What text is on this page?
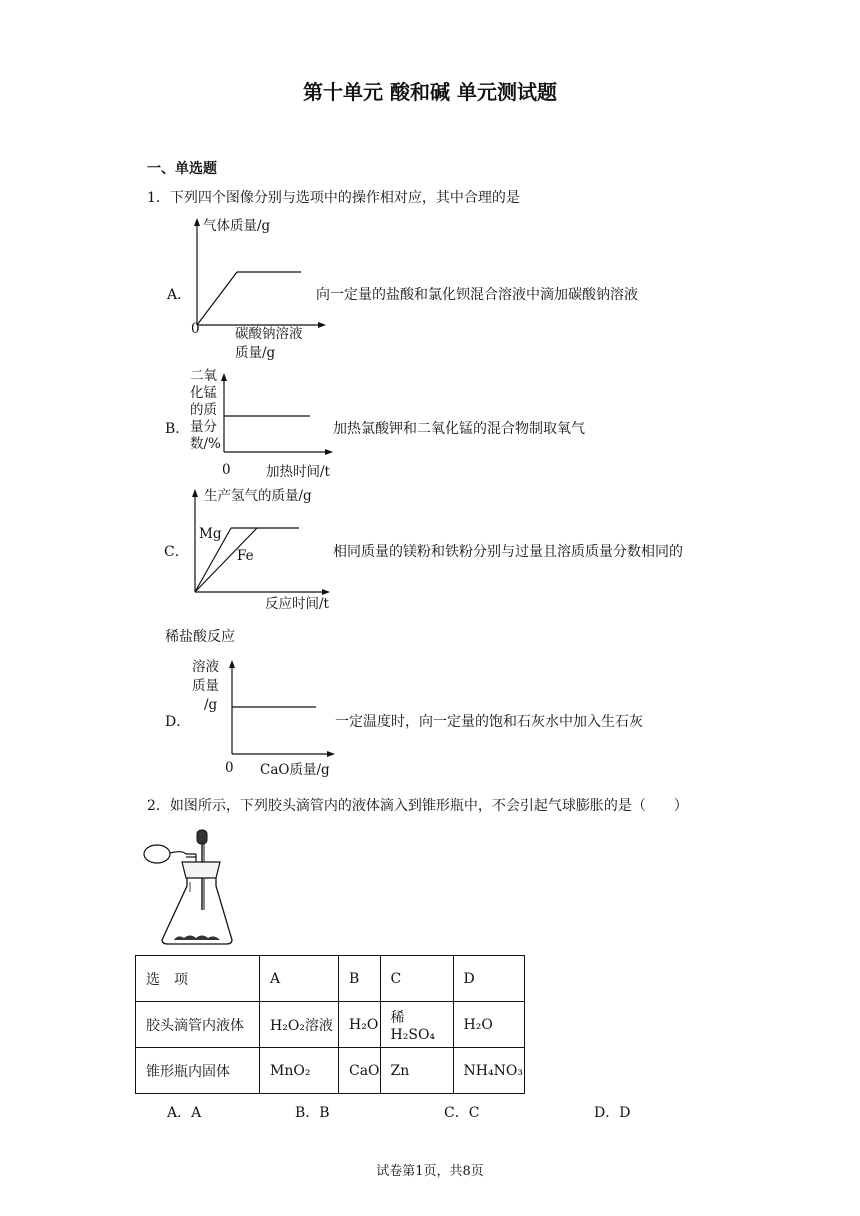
第十单元 酸和碱 单元测试题
一、单选题
1．下列四个图像分别与选项中的操作相对应，其中合理的是
A．
气体质量/g
0	碳酸钠溶液
质量/g
向一定量的盐酸和氯化钡混合溶液中滴加碳酸钠溶液
B．
二氧
化锰
的质
量分
数/%
0	加热时间/t
加热氯酸钾和二氧化锰的混合物制取氧气
C．
生产氢气的质量/g
Mg
Fe
反应时间/t
相同质量的镁粉和铁粉分别与过量且溶质质量分数相同的
稀盐酸反应
D．
溶液
质量
/g
0 CaO质量/g
一定温度时，向一定量的饱和石灰水中加入生石灰
2．如图所示，下列胶头滴管内的液体滴入到锥形瓶中，不会引起气球膨胀的是（　　）
选　项	A	B	C	D
胶头滴管内液体	H₂O₂溶液	H₂O	稀 H₂SO₄	H₂O
锥形瓶内固体	MnO₂	CaO	Zn	NH₄NO₃
A．A	B．B	C．C	D．D
试卷第1页，共8页
